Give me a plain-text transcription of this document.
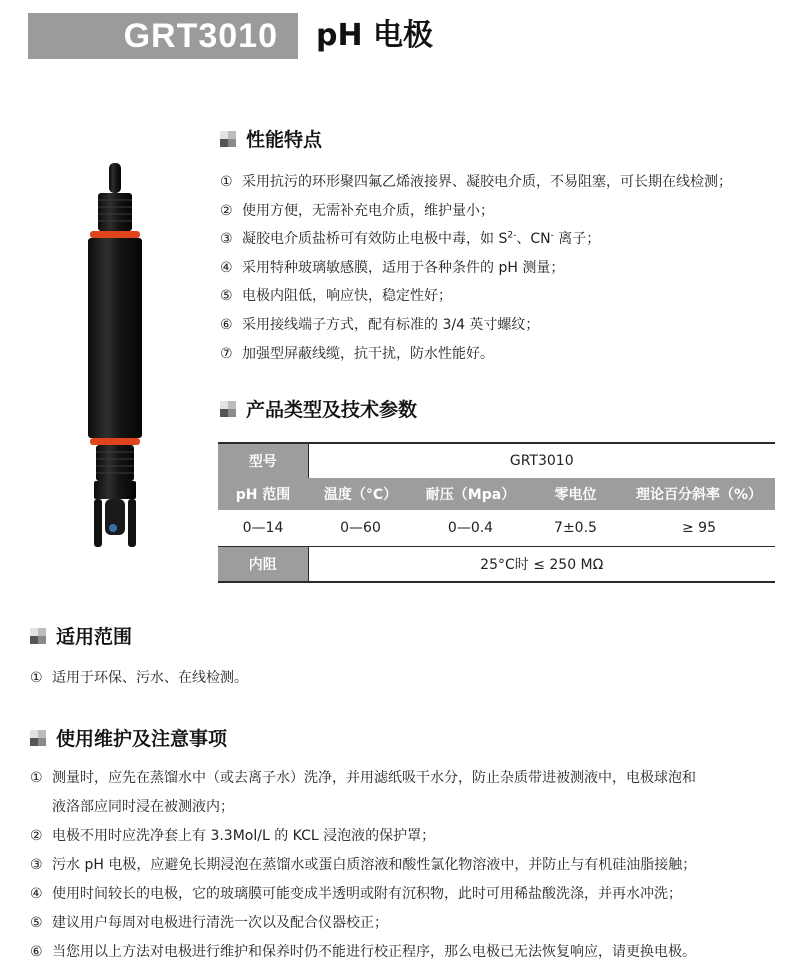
GRT3010	pH 电极
性能特点
① 采用抗污的环形聚四氟乙烯液接界、凝胶电介质，不易阻塞，可长期在线检测；
② 使用方便，无需补充电介质，维护量小；
③ 凝胶电介质盐桥可有效防止电极中毒，如 $S^{2-}$、CN- 离子；
④ 采用特种玻璃敏感膜，适用于各种条件的 pH 测量；
⑤ 电极内阻低，响应快，稳定性好；
⑥ 采用接线端子方式，配有标准的 3/4 英寸螺纹；
⑦ 加强型屏蔽线缆，抗干扰，防水性能好。
产品类型及技术参数
型号	GRT3010			
pH 范围	温度（°C）	耐压（Mpa）	零电位	理论百分斜率（%）
0—14	0—60	0—0.4	7±0.5	≥ 95
内阻	25°C时 ≤ 250 MΩ			
适用范围
① 适用于环保、污水、在线检测。
使用维护及注意事项
① 测量时，应先在蒸馏水中（或去离子水）洗净，并用滤纸吸干水分，防止杂质带进被测液中，电极球泡和
液洛部应同时浸在被测液内；
② 电极不用时应洗净套上有 3.3Mol/L 的 KCL 浸泡液的保护罩；
③ 污水 pH 电极，应避免长期浸泡在蒸馏水或蛋白质溶液和酸性氯化物溶液中，并防止与有机硅油脂接触；
④ 使用时间较长的电极，它的玻璃膜可能变成半透明或附有沉积物，此时可用稀盐酸洗涤，并再水冲洗；
⑤ 建议用户每周对电极进行清洗一次以及配合仪器校正；
⑥ 当您用以上方法对电极进行维护和保养时仍不能进行校正程序，那么电极已无法恢复响应，请更换电极。
